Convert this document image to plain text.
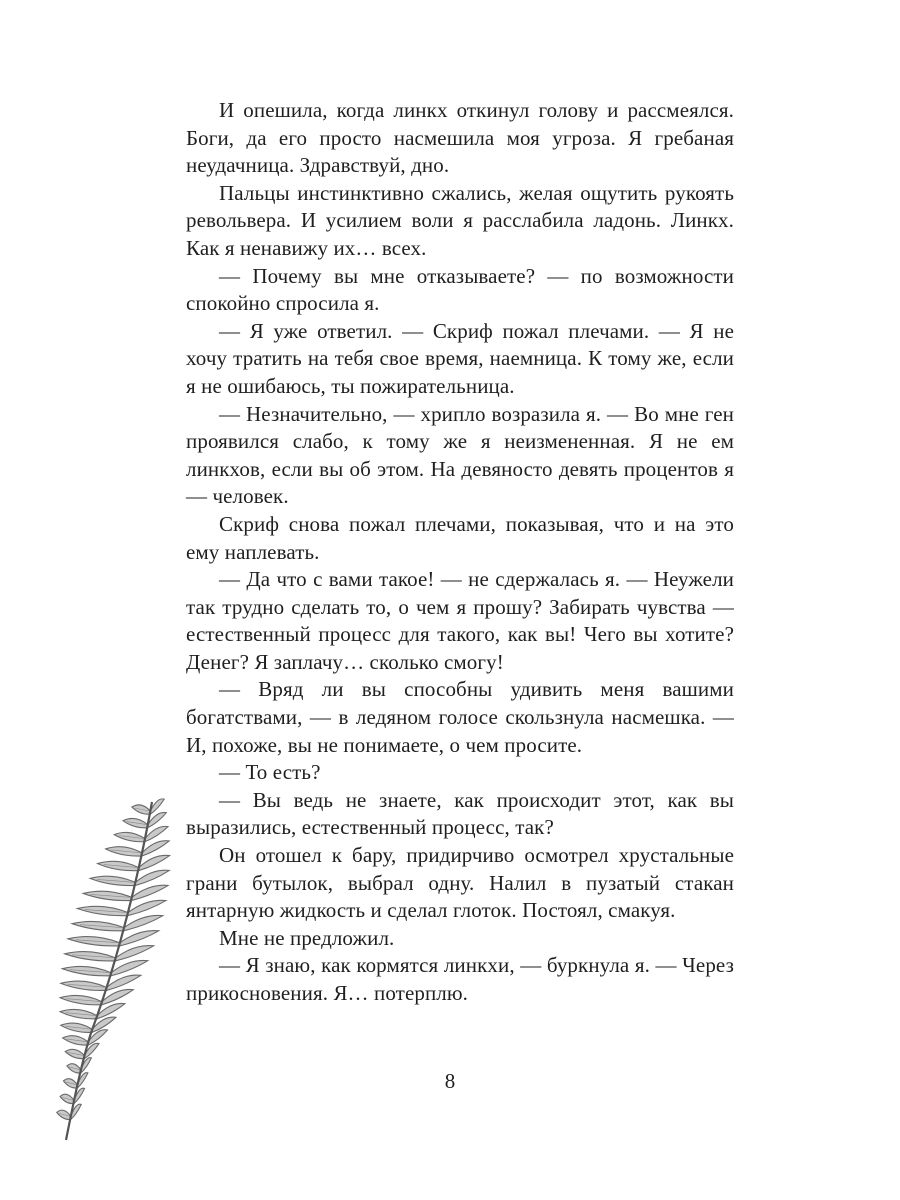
И опешила, когда линкх откинул голову и рассмеялся. Боги, да его просто насмешила моя угроза. Я гребаная неудачница. Здравствуй, дно.

Пальцы инстинктивно сжались, желая ощутить рукоять револьвера. И усилием воли я расслабила ладонь. Линкх. Как я ненавижу их… всех.

— Почему вы мне отказываете? — по возможности спокойно спросила я.

— Я уже ответил. — Скриф пожал плечами. — Я не хочу тратить на тебя свое время, наемница. К тому же, если я не ошибаюсь, ты пожирательница.

— Незначительно, — хрипло возразила я. — Во мне ген проявился слабо, к тому же я неизмененная. Я не ем линкхов, если вы об этом. На девяносто девять процентов я — человек.

Скриф снова пожал плечами, показывая, что и на это ему наплевать.

— Да что с вами такое! — не сдержалась я. — Неужели так трудно сделать то, о чем я прошу? Забирать чувства — естественный процесс для такого, как вы! Чего вы хотите? Денег? Я заплачу… сколько смогу!

— Вряд ли вы способны удивить меня вашими богатствами, — в ледяном голосе скользнула насмешка. — И, похоже, вы не понимаете, о чем просите.

— То есть?

— Вы ведь не знаете, как происходит этот, как вы выразились, естественный процесс, так?

Он отошел к бару, придирчиво осмотрел хрустальные грани бутылок, выбрал одну. Налил в пузатый стакан янтарную жидкость и сделал глоток. Постоял, смакуя.

Мне не предложил.

— Я знаю, как кормятся линкхи, — буркнула я. — Через прикосновения. Я… потерплю.

8
